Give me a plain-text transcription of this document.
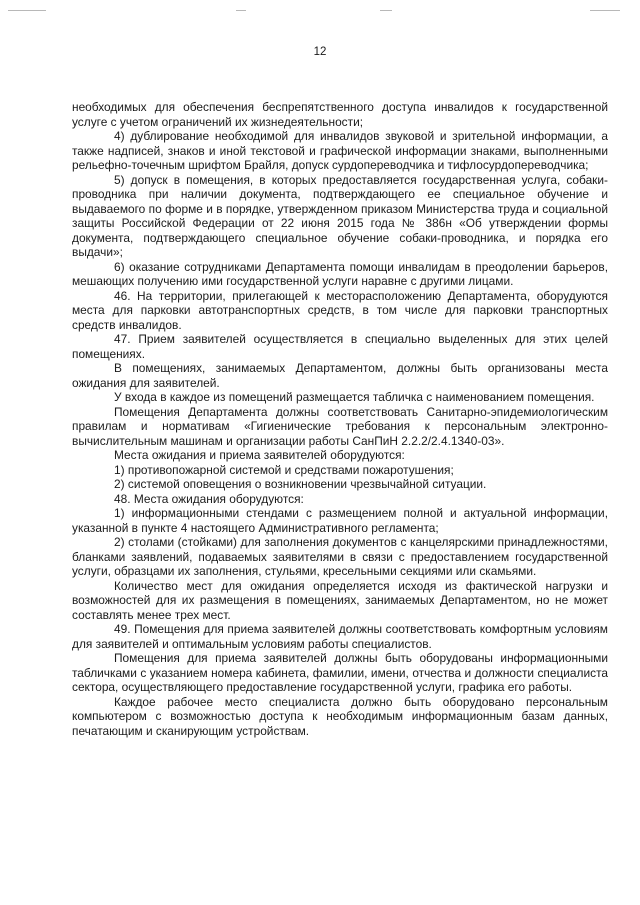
12

необходимых для обеспечения беспрепятственного доступа инвалидов к государственной услуге с учетом ограничений их жизнедеятельности;

4) дублирование необходимой для инвалидов звуковой и зрительной информации, а также надписей, знаков и иной текстовой и графической информации знаками, выполненными рельефно-точечным шрифтом Брайля, допуск сурдопереводчика и тифлосурдопереводчика;

5) допуск в помещения, в которых предоставляется государственная услуга, собаки-проводника при наличии документа, подтверждающего ее специальное обучение и выдаваемого по форме и в порядке, утвержденном приказом Министерства труда и социальной защиты Российской Федерации от 22 июня 2015 года № 386н «Об утверждении формы документа, подтверждающего специальное обучение собаки-проводника, и порядка его выдачи»;

6) оказание сотрудниками Департамента помощи инвалидам в преодолении барьеров, мешающих получению ими государственной услуги наравне с другими лицами.

46. На территории, прилегающей к месторасположению Департамента, оборудуются места для парковки автотранспортных средств, в том числе для парковки транспортных средств инвалидов.

47. Прием заявителей осуществляется в специально выделенных для этих целей помещениях.

В помещениях, занимаемых Департаментом, должны быть организованы места ожидания для заявителей.

У входа в каждое из помещений размещается табличка с наименованием помещения.

Помещения Департамента должны соответствовать Санитарно-эпидемиологическим правилам и нормативам «Гигиенические требования к персональным электронно-вычислительным машинам и организации работы СанПиН 2.2.2/2.4.1340-03».

Места ожидания и приема заявителей оборудуются:

1) противопожарной системой и средствами пожаротушения;

2) системой оповещения о возникновении чрезвычайной ситуации.

48. Места ожидания оборудуются:

1) информационными стендами с размещением полной и актуальной информации, указанной в пункте 4 настоящего Административного регламента;

2) столами (стойками) для заполнения документов с канцелярскими принадлежностями, бланками заявлений, подаваемых заявителями в связи с предоставлением государственной услуги, образцами их заполнения, стульями, кресельными секциями или скамьями.

Количество мест для ожидания определяется исходя из фактической нагрузки и возможностей для их размещения в помещениях, занимаемых Департаментом, но не может составлять менее трех мест.

49. Помещения для приема заявителей должны соответствовать комфортным условиям для заявителей и оптимальным условиям работы специалистов.

Помещения для приема заявителей должны быть оборудованы информационными табличками с указанием номера кабинета, фамилии, имени, отчества и должности специалиста сектора, осуществляющего предоставление государственной услуги, графика его работы.

Каждое рабочее место специалиста должно быть оборудовано персональным компьютером с возможностью доступа к необходимым информационным базам данных, печатающим и сканирующим устройствам.
